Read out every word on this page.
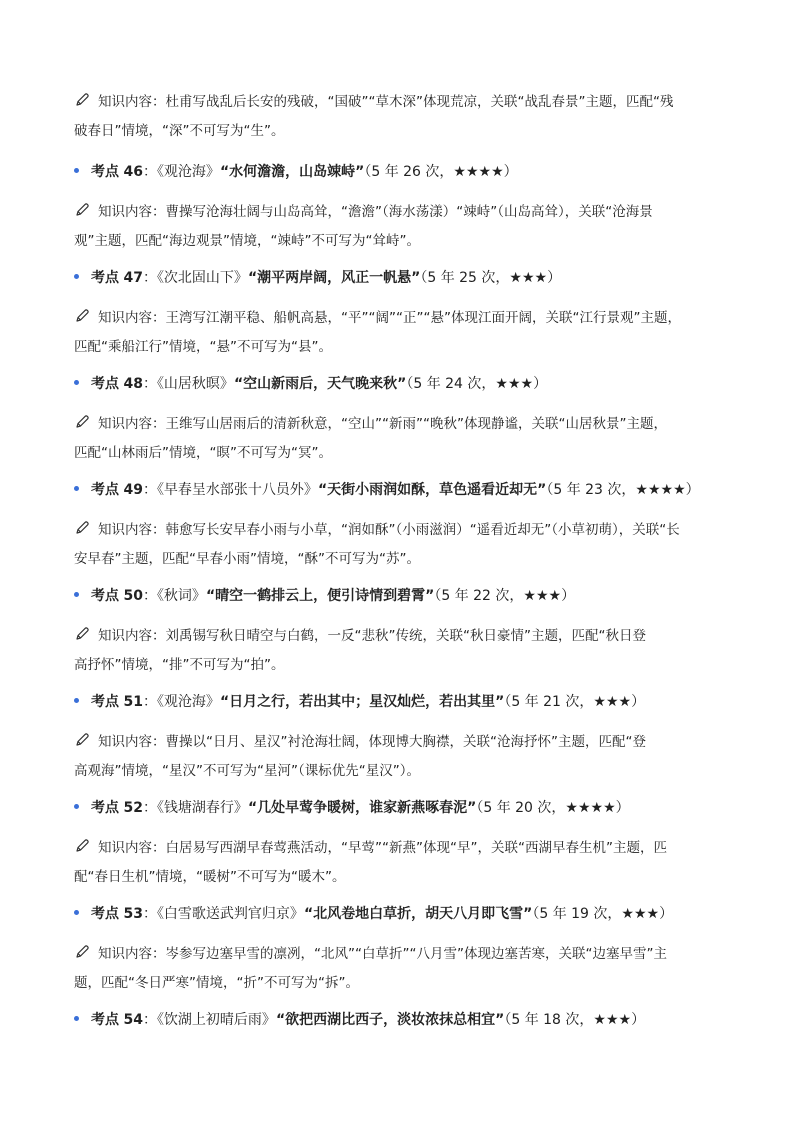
知识内容：杜甫写战乱后长安的残破，“国破”“草木深”体现荒凉，关联“战乱春景”主题，匹配“残
破春日”情境，“深”不可写为“生”。
考点 46：《观沧海》“水何澹澹，山岛竦峙”（5 年 26 次，★★★★）
知识内容：曹操写沧海壮阔与山岛高耸，“澹澹”（海水荡漾）“竦峙”（山岛高耸），关联“沧海景
观”主题，匹配“海边观景”情境，“竦峙”不可写为“耸峙”。
考点 47：《次北固山下》“潮平两岸阔，风正一帆悬”（5 年 25 次，★★★）
知识内容：王湾写江潮平稳、船帆高悬，“平”“阔”“正”“悬”体现江面开阔，关联“江行景观”主题，
匹配“乘船江行”情境，“悬”不可写为“县”。
考点 48：《山居秋暝》“空山新雨后，天气晚来秋”（5 年 24 次，★★★）
知识内容：王维写山居雨后的清新秋意，“空山”“新雨”“晚秋”体现静谧，关联“山居秋景”主题，
匹配“山林雨后”情境，“暝”不可写为“冥”。
考点 49：《早春呈水部张十八员外》“天街小雨润如酥，草色遥看近却无”（5 年 23 次，★★★★）
知识内容：韩愈写长安早春小雨与小草，“润如酥”（小雨滋润）“遥看近却无”（小草初萌），关联“长
安早春”主题，匹配“早春小雨”情境，“酥”不可写为“苏”。
考点 50：《秋词》“晴空一鹤排云上，便引诗情到碧霄”（5 年 22 次，★★★）
知识内容：刘禹锡写秋日晴空与白鹤，一反“悲秋”传统，关联“秋日豪情”主题，匹配“秋日登
高抒怀”情境，“排”不可写为“拍”。
考点 51：《观沧海》“日月之行，若出其中；星汉灿烂，若出其里”（5 年 21 次，★★★）
知识内容：曹操以“日月、星汉”衬沧海壮阔，体现博大胸襟，关联“沧海抒怀”主题，匹配“登
高观海”情境，“星汉”不可写为“星河”（课标优先“星汉”）。
考点 52：《钱塘湖春行》“几处早莺争暖树，谁家新燕啄春泥”（5 年 20 次，★★★★）
知识内容：白居易写西湖早春莺燕活动，“早莺”“新燕”体现“早”，关联“西湖早春生机”主题，匹
配“春日生机”情境，“暖树”不可写为“暖木”。
考点 53：《白雪歌送武判官归京》“北风卷地白草折，胡天八月即飞雪”（5 年 19 次，★★★）
知识内容：岑参写边塞早雪的凛冽，“北风”“白草折”“八月雪”体现边塞苦寒，关联“边塞早雪”主
题，匹配“冬日严寒”情境，“折”不可写为“拆”。
考点 54：《饮湖上初晴后雨》“欲把西湖比西子，淡妆浓抹总相宜”（5 年 18 次，★★★）
